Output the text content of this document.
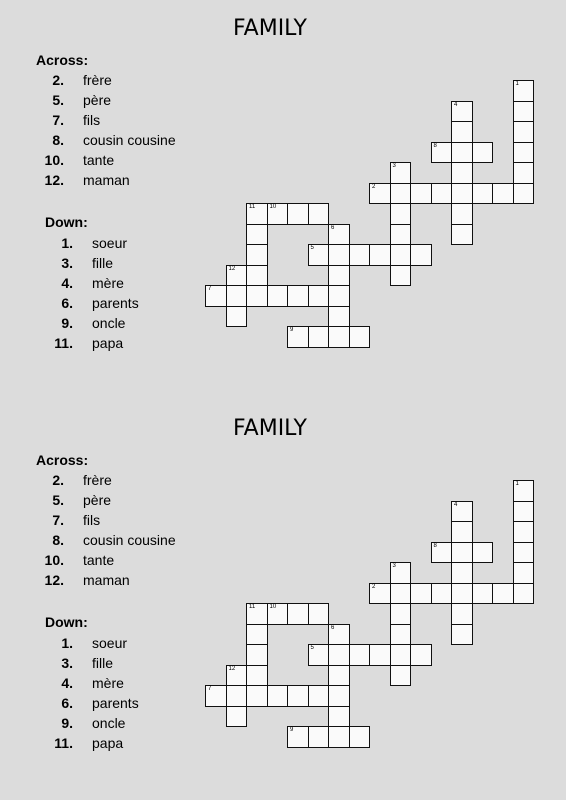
FAMILY
Across:
Down:
2. frère
5. père
7. fils
8. cousin cousine
10. tante
12. maman
1. soeur
3. fille
4. mère
6. parents
9. oncle
11. papa
1
2
3
4
5
6
7
8
9
10
11
12
FAMILY
Across:
Down:
2. frère
5. père
7. fils
8. cousin cousine
10. tante
12. maman
1. soeur
3. fille
4. mère
6. parents
9. oncle
11. papa
1
2
3
4
5
6
7
8
9
10
11
12
